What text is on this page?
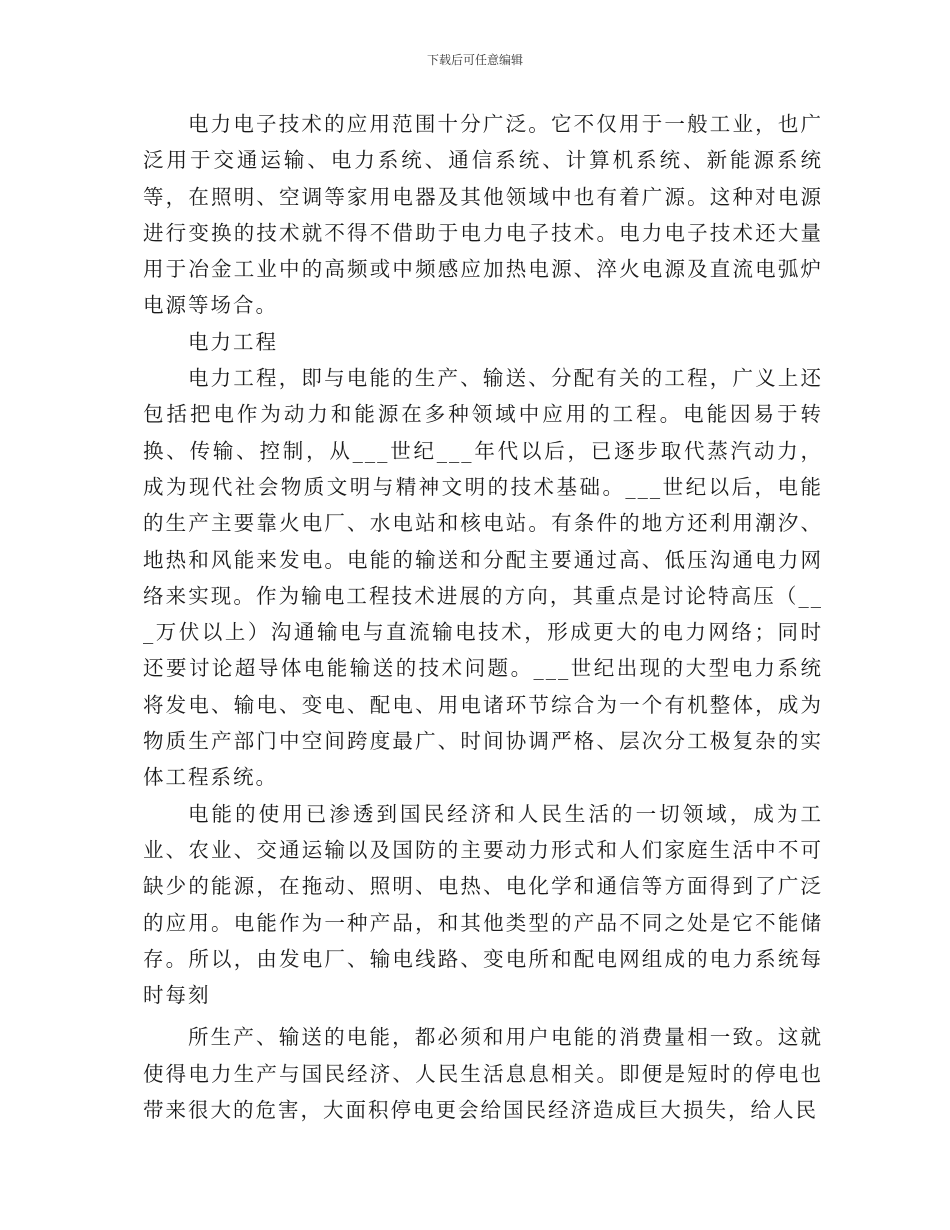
下载后可任意编辑

电力电子技术的应用范围十分广泛。它不仅用于一般工业，也广泛用于交通运输、电力系统、通信系统、计算机系统、新能源系统等，在照明、空调等家用电器及其他领域中也有着广源。这种对电源进行变换的技术就不得不借助于电力电子技术。电力电子技术还大量用于冶金工业中的高频或中频感应加热电源、淬火电源及直流电弧炉电源等场合。

电力工程

电力工程，即与电能的生产、输送、分配有关的工程，广义上还包括把电作为动力和能源在多种领域中应用的工程。电能因易于转换、传输、控制，从___世纪___年代以后，已逐步取代蒸汽动力，成为现代社会物质文明与精神文明的技术基础。___世纪以后，电能的生产主要靠火电厂、水电站和核电站。有条件的地方还利用潮汐、地热和风能来发电。电能的输送和分配主要通过高、低压沟通电力网络来实现。作为输电工程技术进展的方向，其重点是讨论特高压（___万伏以上）沟通输电与直流输电技术，形成更大的电力网络；同时还要讨论超导体电能输送的技术问题。___世纪出现的大型电力系统将发电、输电、变电、配电、用电诸环节综合为一个有机整体，成为物质生产部门中空间跨度最广、时间协调严格、层次分工极复杂的实体工程系统。

电能的使用已渗透到国民经济和人民生活的一切领域，成为工业、农业、交通运输以及国防的主要动力形式和人们家庭生活中不可缺少的能源，在拖动、照明、电热、电化学和通信等方面得到了广泛的应用。电能作为一种产品，和其他类型的产品不同之处是它不能储存。所以，由发电厂、输电线路、变电所和配电网组成的电力系统每时每刻

所生产、输送的电能，都必须和用户电能的消费量相一致。这就使得电力生产与国民经济、人民生活息息相关。即便是短时的停电也带来很大的危害，大面积停电更会给国民经济造成巨大损失，给人民
